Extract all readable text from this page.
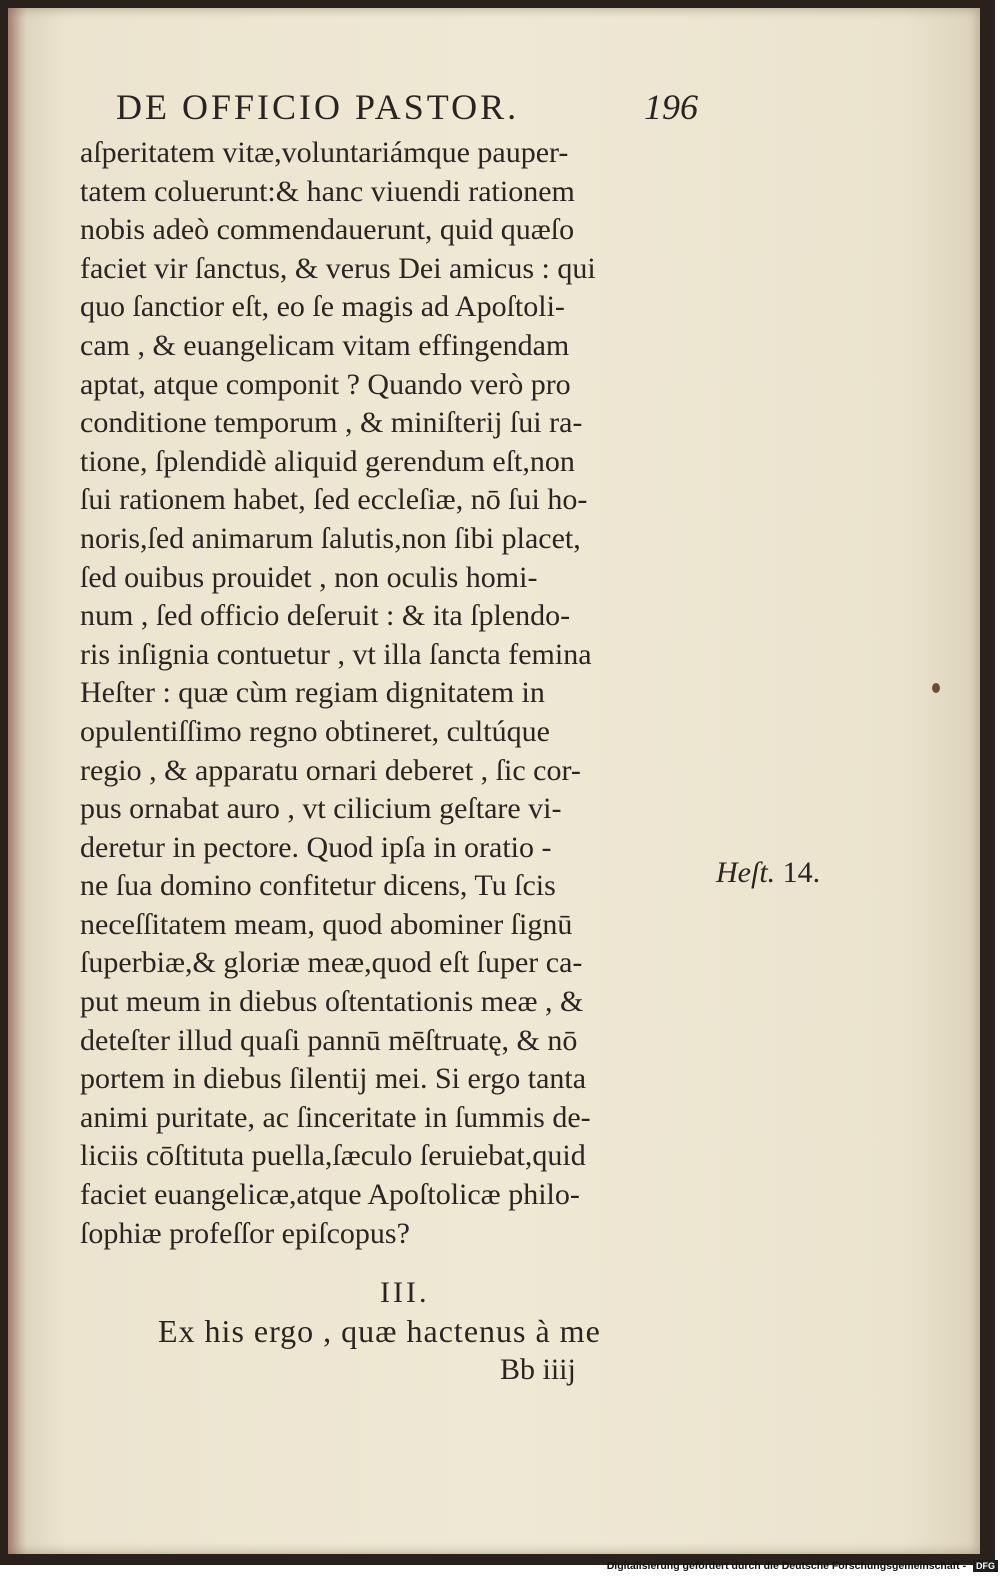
DE OFFICIO PASTOR.	196
aſperitatem vitæ,voluntariámque pauper-
tatem coluerunt:& hanc viuendi rationem
nobis adeò commendauerunt, quid quæſo
faciet vir ſanctus, & verus Dei amicus : qui
quo ſanctior eſt, eo ſe magis ad Apoſtoli-
cam , & euangelicam vitam effingendam
aptat, atque componit ? Quando verò pro
conditione temporum , & miniſterij ſui ra-
tione, ſplendidè aliquid gerendum eſt,non
ſui rationem habet, ſed eccleſiæ, nō ſui ho-
noris,ſed animarum ſalutis,non ſibi placet,
ſed ouibus prouidet , non oculis homi-
num , ſed officio deſeruit : & ita ſplendo-
ris inſignia contuetur , vt illa ſancta femina
Heſter : quæ cùm regiam dignitatem in
opulentiſſimo regno obtineret, cultúque
regio , & apparatu ornari deberet , ſic cor-
pus ornabat auro , vt cilicium geſtare vi-
deretur in pectore. Quod ipſa in oratio -
ne ſua domino confitetur dicens, Tu ſcis
neceſſitatem meam, quod abominer ſignū
ſuperbiæ,& gloriæ meæ,quod eſt ſuper ca-
put meum in diebus oſtentationis meæ , &
deteſter illud quaſi pannū mēſtruatę, & nō
portem in diebus ſilentij mei. Si ergo tanta
animi puritate, ac ſinceritate in ſummis de-
liciis cōſtituta puella,ſæculo ſeruiebat,quid
faciet euangelicæ,atque Apoſtolicæ philo-
ſophiæ profeſſor epiſcopus?
III.
Ex his ergo , quæ hactenus à me
Bb iiij
Heſt. 14.
Digitalisierung gefördert durch die Deutsche Forschungsgemeinschaft - DFG
